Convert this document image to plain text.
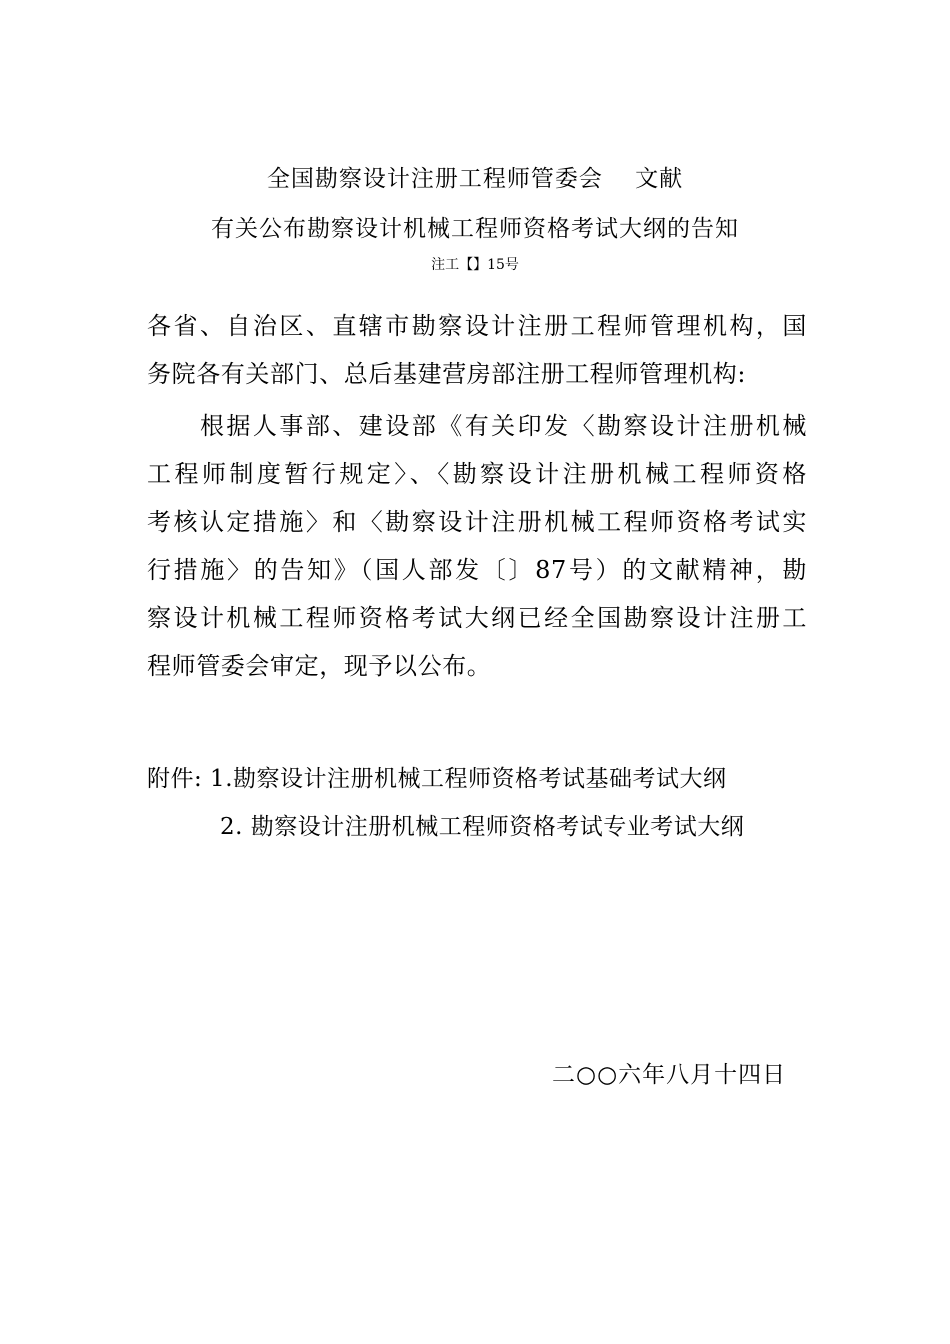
全国勘察设计注册工程师管委会　 文献
有关公布勘察设计机械工程师资格考试大纲的告知
注工【】15号
各省、自治区、直辖市勘察设计注册工程师管理机构，国
务院各有关部门、总后基建营房部注册工程师管理机构:
　　根据人事部、建设部《有关印发〈勘察设计注册机械
工程师制度暂行规定〉、〈勘察设计注册机械工程师资格
考核认定措施〉和〈勘察设计注册机械工程师资格考试实
行措施〉的告知》（国人部发〔〕87号）的文献精神，勘
察设计机械工程师资格考试大纲已经全国勘察设计注册工
程师管委会审定，现予以公布。
附件: 1.勘察设计注册机械工程师资格考试基础考试大纲
2. 勘察设计注册机械工程师资格考试专业考试大纲
二○○六年八月十四日
